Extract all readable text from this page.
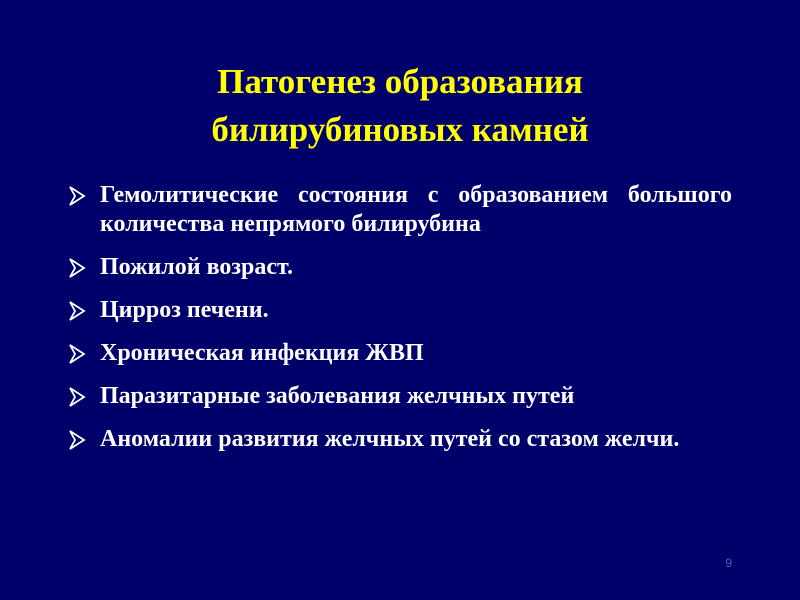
Патогенез образования
билирубиновых камней
Гемолитические состояния с образованием большого количества непрямого билирубина
Пожилой возраст.
Цирроз печени.
Хроническая инфекция ЖВП
Паразитарные заболевания желчных путей
Аномалии развития желчных путей со стазом желчи.
9
